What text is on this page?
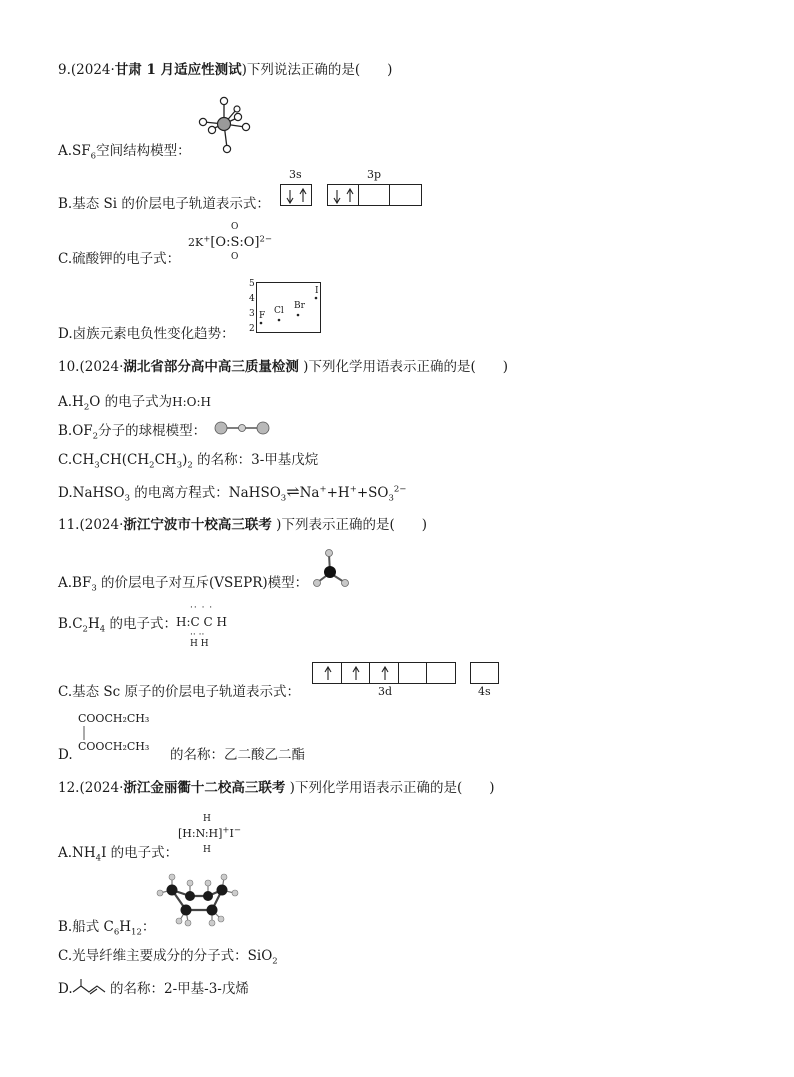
9.(2024·甘肃 1 月适应性测试)下列说法正确的是(　　)
$A.SF_6$空间结构模型：
3s	3p
B.基态 Si 的价层电子轨道表示式：
O
2K+[O:S:O]$^{2-}$
O
C.硫酸钾的电子式：
5
4
3
2
F Cl Br
I
D.卤族元素电负性变化趋势：
10.(2024·湖北省部分高中高三质量检测 )下列化学用语表示正确的是(　　)
$A.H_2O$ 的电子式为H:O:H
$B.OF_2$分子的球棍模型：
$C.CH_3CH(CH_2CH_3)_2$ 的名称：3-甲基戊烷
D.NaHSO$_3$ 的电离方程式：$NaHSO_3\rightleftharpoons Na^++H^++SO_3^{2-}$
11.(2024·浙江宁波市十校高三联考 )下列表示正确的是(　　)
$A.BF_3$ 的价层电子对互斥(VSEPR)模型：
$B.C_2H_4$ 的电子式：
·· · ·
H:C C H
·· ··
H H
3d	4s
C.基态 Sc 原子的价层电子轨道表示式：
COOCH₂CH₃
COOCH₂CH₃
D.	的名称：乙二酸乙二酯
12.(2024·浙江金丽衢十二校高三联考 )下列化学用语表示正确的是(　　)
H
[H:N:H]+I−
H
$A.NH_4I$ 的电子式：
B.船式 $C_6H_{12}$：
C.光导纤维主要成分的分子式：SiO$_2$
D.	的名称：2-甲基-3-戊烯
